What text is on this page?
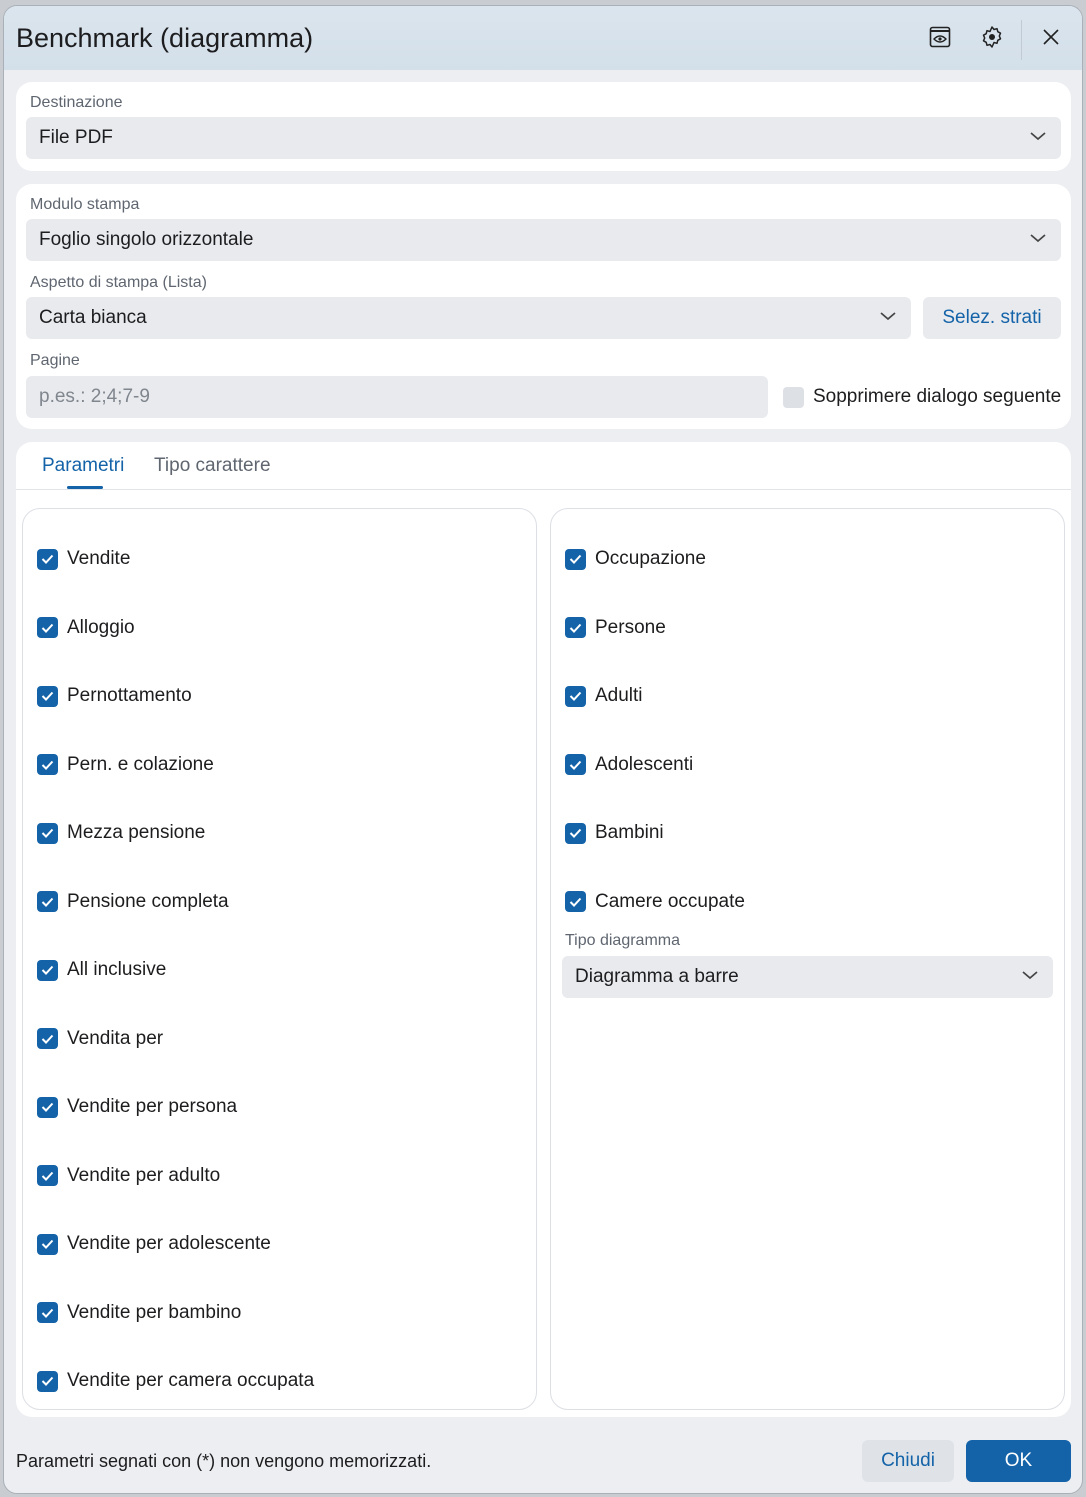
Benchmark (diagramma)
Destinazione
File PDF
Modulo stampa
Foglio singolo orizzontale
Aspetto di stampa (Lista)
Carta bianca	Selez. strati
Pagine
p.es.: 2;4;7-9	Sopprimere dialogo seguente
Parametri Tipo carattere
Vendite
Alloggio
Pernottamento
Pern. e colazione
Mezza pensione
Pensione completa
All inclusive
Vendita per
Vendite per persona
Vendite per adulto
Vendite per adolescente
Vendite per bambino
Vendite per camera occupata
Tipo diagramma
Diagramma a barre
Occupazione
Persone
Adulti
Adolescenti
Bambini
Camere occupate
Parametri segnati con (*) non vengono memorizzati.	Chiudi	OK
